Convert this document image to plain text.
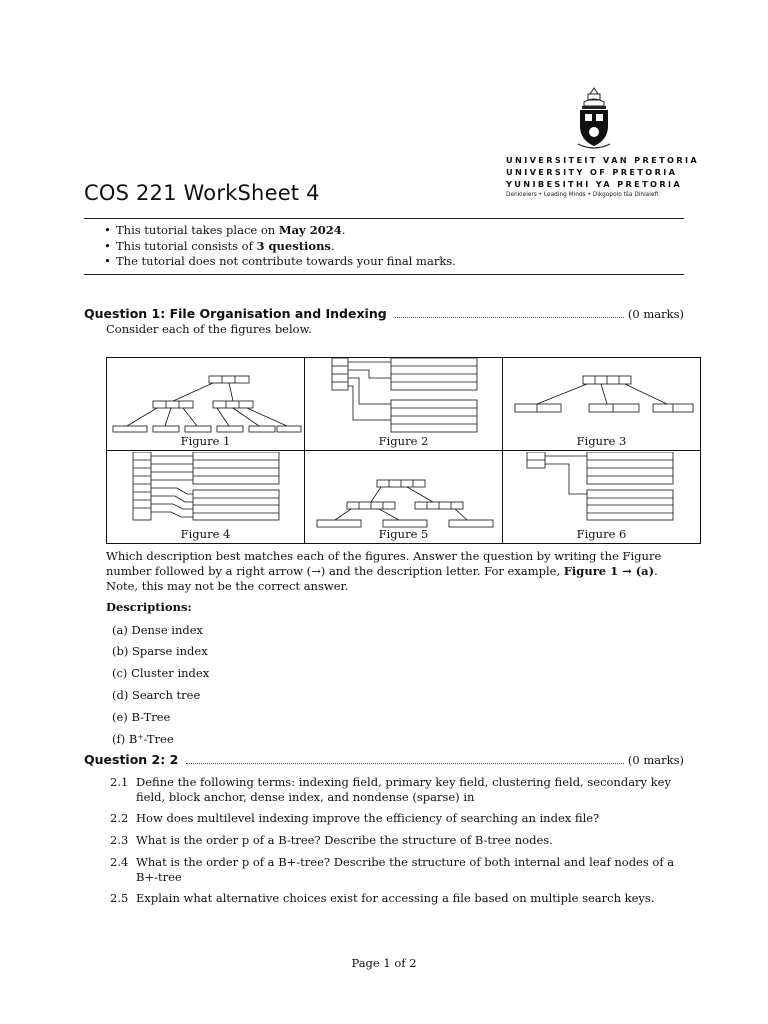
UNIVERSITEIT VAN PRETORIA
UNIVERSITY OF PRETORIA
YUNIBESITHI YA PRETORIA
Denkleiers • Leading Minds • Dikgopolo tša Dihlalefi
COS 221 WorkSheet 4
• This tutorial takes place on May 2024.
• This tutorial consists of 3 questions.
• The tutorial does not contribute towards your final marks.
Question 1: File Organisation and Indexing	(0 marks)
Consider each of the figures below.
Figure 1	Figure 2	Figure 3
Figure 4	Figure 5	Figure 6
Which description best matches each of the figures. Answer the question by writing the Figure number followed by a right arrow (→) and the description letter. For example, Figure 1 → (a). Note, this may not be the correct answer.
Descriptions:
(a) Dense index
(b) Sparse index
(c) Cluster index
(d) Search tree
(e) B-Tree
(f) B⁺-Tree
Question 2: 2	(0 marks)
2.1 Define the following terms: indexing field, primary key field, clustering field, secondary key field, block anchor, dense index, and nondense (sparse) in
2.2 How does multilevel indexing improve the efficiency of searching an index file?
2.3 What is the order p of a B-tree? Describe the structure of B-tree nodes.
2.4 What is the order p of a B+-tree? Describe the structure of both internal and leaf nodes of a B+-tree
2.5 Explain what alternative choices exist for accessing a file based on multiple search keys.
Page 1 of 2
